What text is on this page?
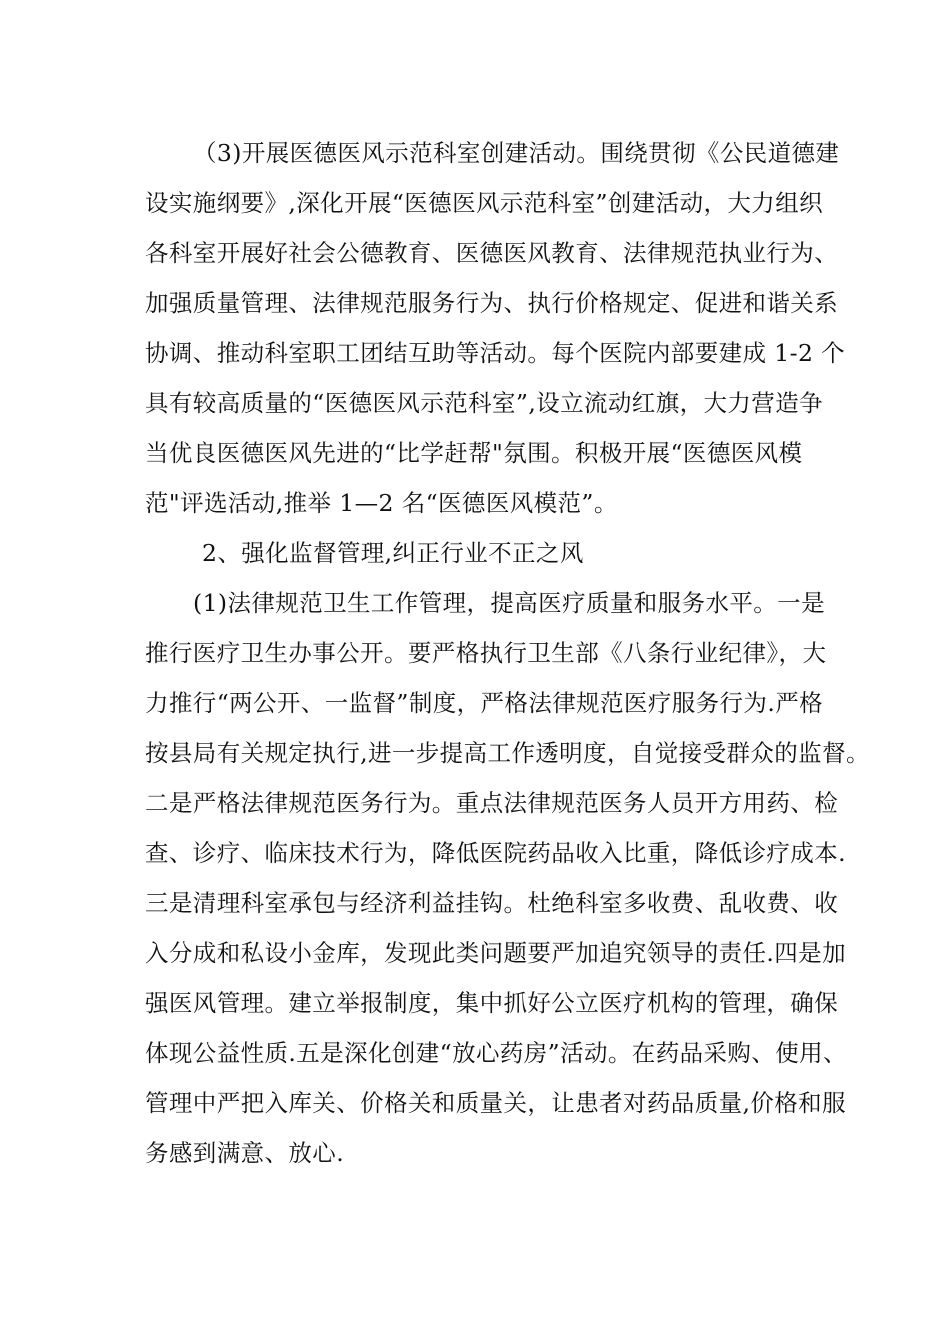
（3)开展医德医风示范科室创建活动。围绕贯彻《公民道德建
设实施纲要》,深化开展“医德医风示范科室”创建活动，大力组织
各科室开展好社会公德教育、医德医风教育、法律规范执业行为、
加强质量管理、法律规范服务行为、执行价格规定、促进和谐关系
协调、推动科室职工团结互助等活动。每个医院内部要建成 1-2 个
具有较高质量的“医德医风示范科室”,设立流动红旗，大力营造争
当优良医德医风先进的“比学赶帮"氛围。积极开展“医德医风模
范"评选活动,推举 1—2 名“医德医风模范”。
2、强化监督管理,纠正行业不正之风
(1)法律规范卫生工作管理，提高医疗质量和服务水平。一是
推行医疗卫生办事公开。要严格执行卫生部《八条行业纪律》，大
力推行“两公开、一监督”制度，严格法律规范医疗服务行为.严格
按县局有关规定执行,进一步提高工作透明度，自觉接受群众的监督。
二是严格法律规范医务行为。重点法律规范医务人员开方用药、检
查、诊疗、临床技术行为，降低医院药品收入比重，降低诊疗成本.
三是清理科室承包与经济利益挂钩。杜绝科室多收费、乱收费、收
入分成和私设小金库，发现此类问题要严加追究领导的责任.四是加
强医风管理。建立举报制度，集中抓好公立医疗机构的管理，确保
体现公益性质.五是深化创建“放心药房”活动。在药品采购、使用、
管理中严把入库关、价格关和质量关，让患者对药品质量,价格和服
务感到满意、放心.
